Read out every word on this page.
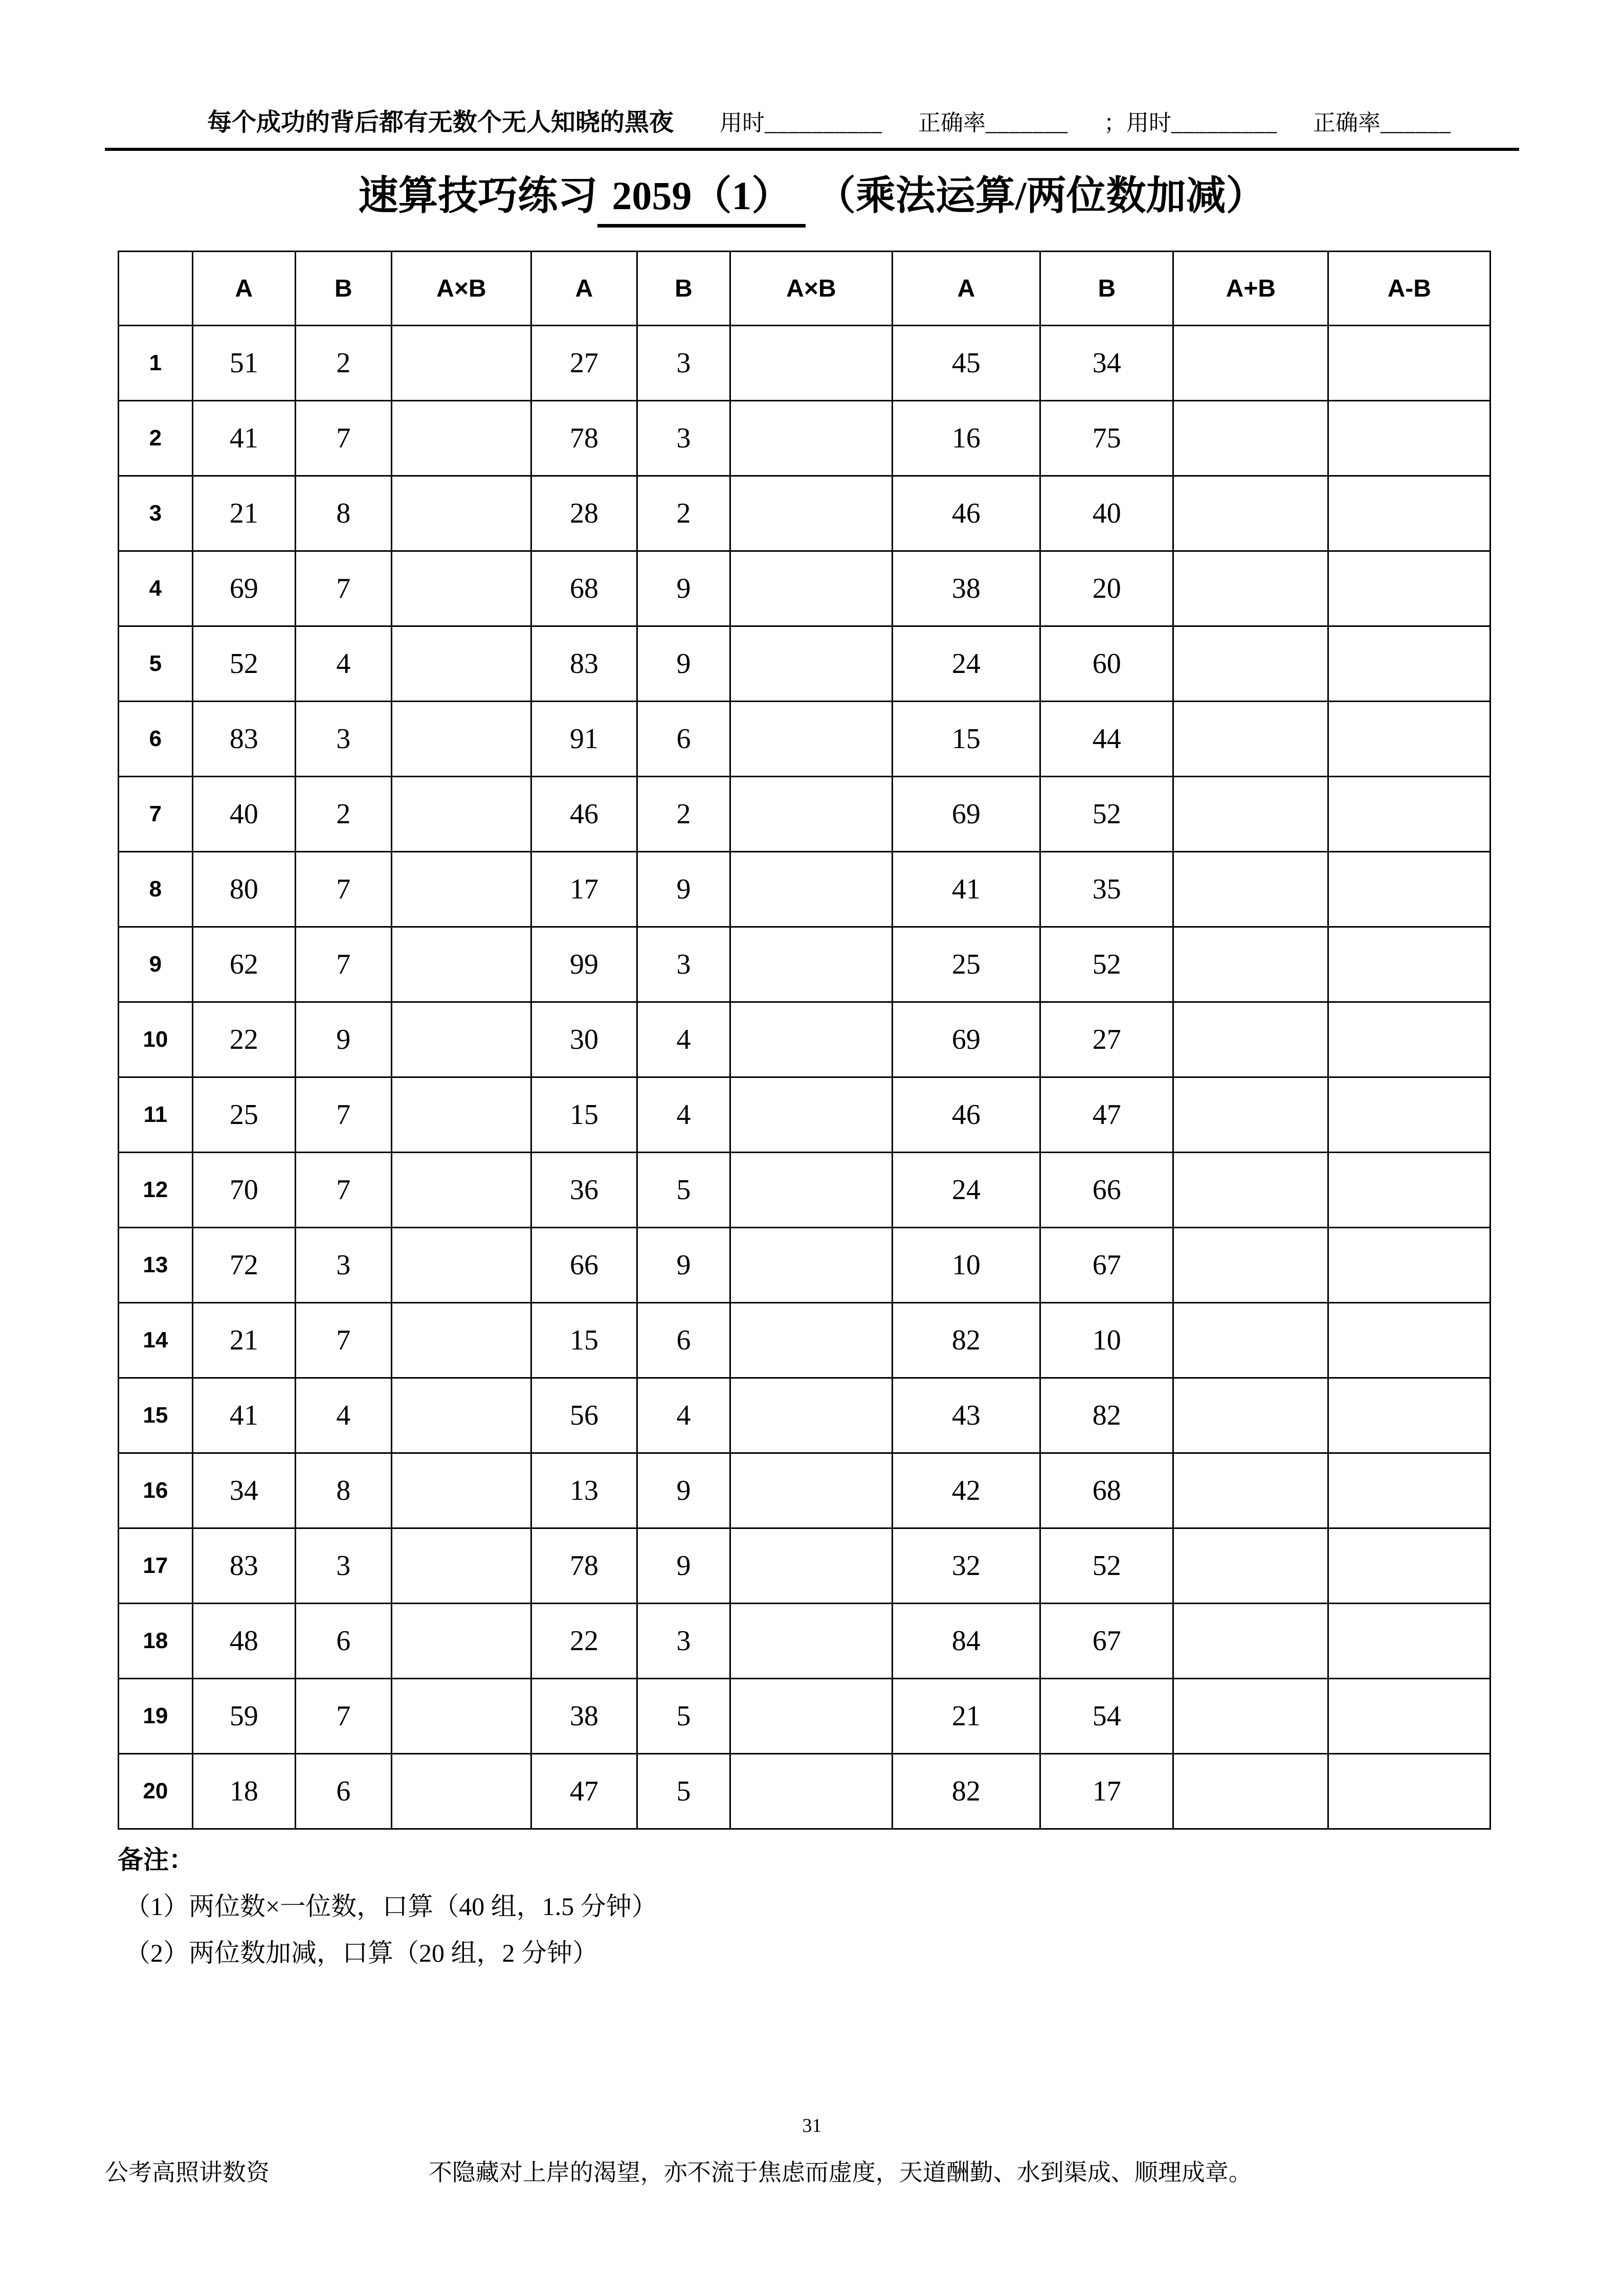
每个成功的背后都有无数个无人知晓的黑夜 用时__________ 正确率_______ ；用时_________ 正确率______
速算技巧练习 2059（1） （乘法运算/两位数加减）
	A	B	A×B	A	B	A×B	A	B	A+B	A-B
1	51	2		27	3		45	34		
2	41	7		78	3		16	75		
3	21	8		28	2		46	40		
4	69	7		68	9		38	20		
5	52	4		83	9		24	60		
6	83	3		91	6		15	44		
7	40	2		46	2		69	52		
8	80	7		17	9		41	35		
9	62	7		99	3		25	52		
10	22	9		30	4		69	27		
11	25	7		15	4		46	47		
12	70	7		36	5		24	66		
13	72	3		66	9		10	67		
14	21	7		15	6		82	10		
15	41	4		56	4		43	82		
16	34	8		13	9		42	68		
17	83	3		78	9		32	52		
18	48	6		22	3		84	67		
19	59	7		38	5		21	54		
20	18	6		47	5		82	17		
备注：
（1）两位数×一位数，口算（40 组，1.5 分钟）
（2）两位数加减，口算（20 组，2 分钟）
31
公考高照讲数资	不隐藏对上岸的渴望，亦不流于焦虑而虚度，天道酬勤、水到渠成、顺理成章。
